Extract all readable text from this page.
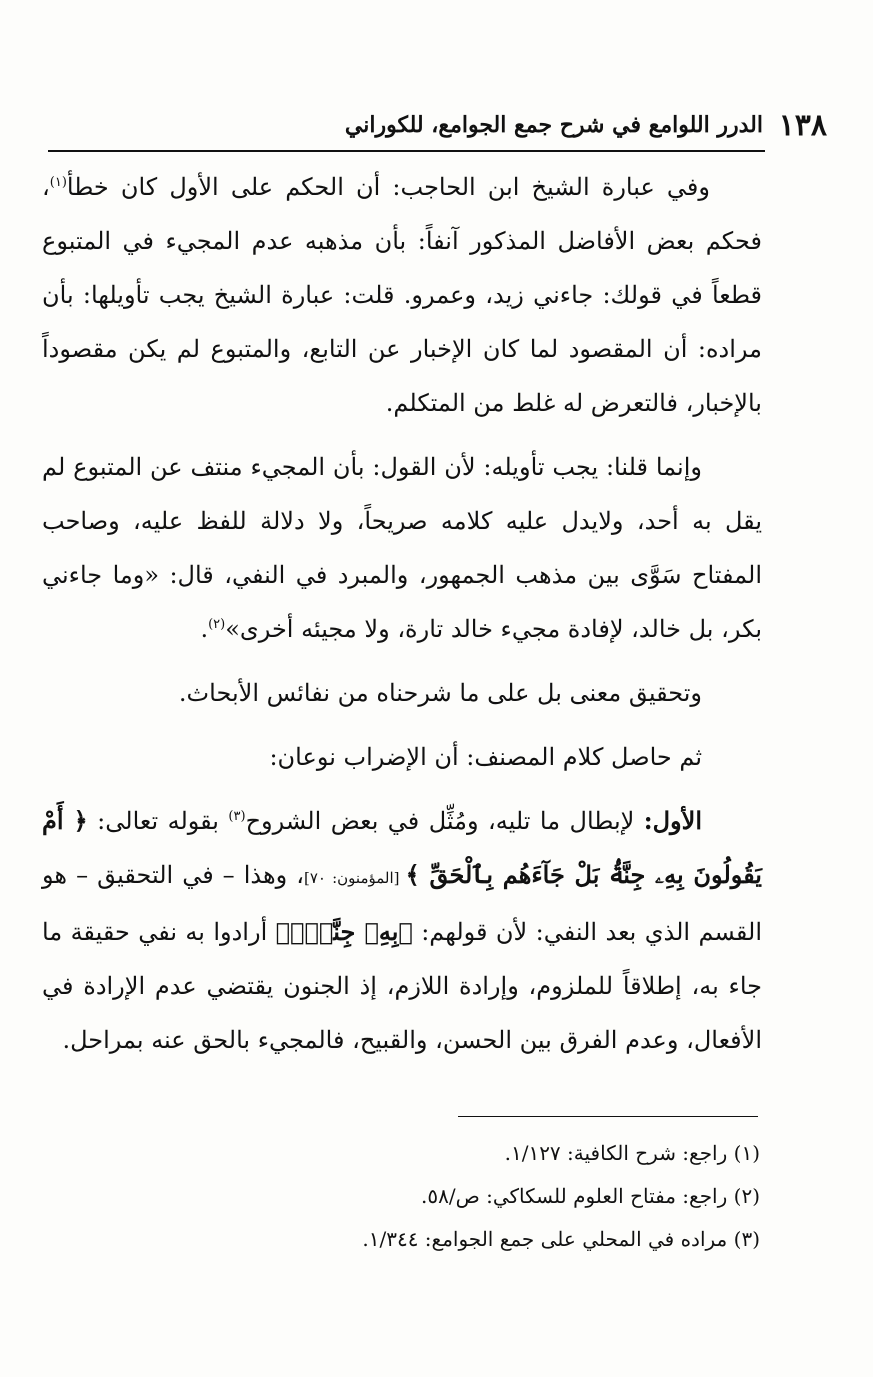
١٣٨
الدرر اللوامع في شرح جمع الجوامع، للكوراني

وفي عبارة الشيخ ابن الحاجب: أن الحكم على الأول كان خطأ$^{(١)}$، فحكم بعض الأفاضل المذكور آنفاً: بأن مذهبه عدم المجيء في المتبوع قطعاً في قولك: جاءني زيد، وعمرو. قلت: عبارة الشيخ يجب تأويلها: بأن مراده: أن المقصود لما كان الإخبار عن التابع، والمتبوع لم يكن مقصوداً بالإخبار، فالتعرض له غلط من المتكلم.

وإنما قلنا: يجب تأويله: لأن القول: بأن المجيء منتف عن المتبوع لم يقل به أحد، ولايدل عليه كلامه صريحاً، ولا دلالة للفظ عليه، وصاحب المفتاح سَوَّى بين مذهب الجمهور، والمبرد في النفي، قال: «وما جاءني بكر، بل خالد، لإفادة مجيء خالد تارة، ولا مجيئه أخرى»$^{(٢)}$.

وتحقيق معنى بل على ما شرحناه من نفائس الأبحاث.

ثم حاصل كلام المصنف: أن الإضراب نوعان:

الأول: لإبطال ما تليه، ومُثِّل في بعض الشروح$^{(٣)}$ بقوله تعالى: ﴿ أَمْ يَقُولُونَ بِهِۦ جِنَّةُۢ بَلْ جَآءَهُم بِٱلْحَقِّ ﴾ [المؤمنون: ٧٠]، وهذا – في التحقيق – هو القسم الذي بعد النفي: لأن قولهم: ﴿بِهِۦ جِنَّةُۢ﴾ أرادوا به نفي حقيقة ما جاء به، إطلاقاً للملزوم، وإرادة اللازم، إذ الجنون يقتضي عدم الإرادة في الأفعال، وعدم الفرق بين الحسن، والقبيح، فالمجيء بالحق عنه بمراحل.

(١) راجع: شرح الكافية: ١/١٢٧.

(٢) راجع: مفتاح العلوم للسكاكي: ص/٥٨.

(٣) مراده في المحلي على جمع الجوامع: ١/٣٤٤.
